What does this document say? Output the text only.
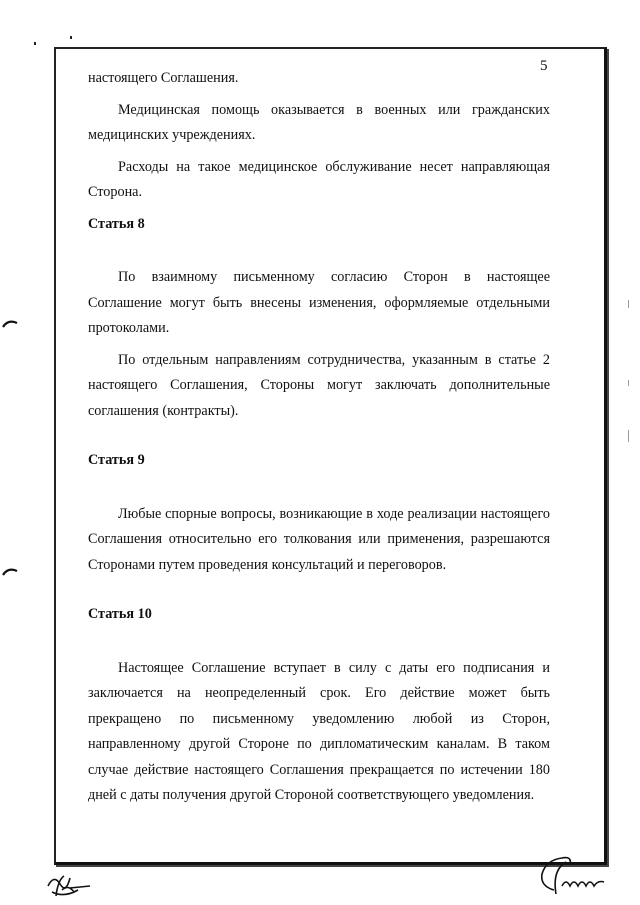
5

настоящего Соглашения.

Медицинская помощь оказывается в военных или гражданских медицинских учреждениях.

Расходы на такое медицинское обслуживание несет направляющая Сторона.

Статья 8

По взаимному письменному согласию Сторон в настоящее Соглашение могут быть внесены изменения, оформляемые отдельными протоколами.

По отдельным направлениям сотрудничества, указанным в статье 2 настоящего Соглашения, Стороны могут заключать дополнительные соглашения (контракты).

Статья 9

Любые спорные вопросы, возникающие в ходе реализации настоящего Соглашения относительно его толкования или применения, разрешаются Сторонами путем проведения консультаций и переговоров.

Статья 10

Настоящее Соглашение вступает в силу с даты его подписания и заключается на неопределенный срок. Его действие может быть прекращено по письменному уведомлению любой из Сторон, направленному другой Стороне по дипломатическим каналам. В таком случае действие настоящего Соглашения прекращается по истечении 180 дней с даты получения другой Стороной соответствующего уведомления.
